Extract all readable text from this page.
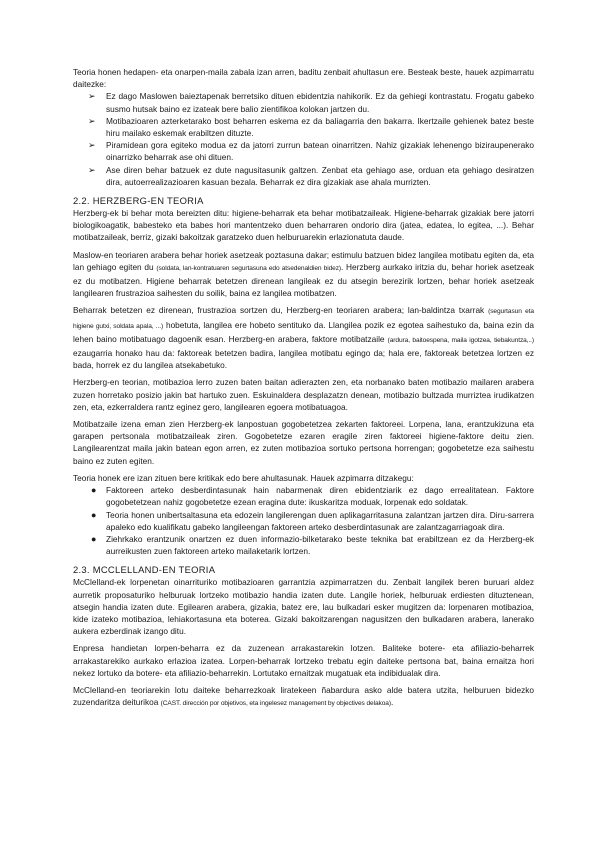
Teoria honen hedapen- eta onarpen-maila zabala izan arren, baditu zenbait ahultasun ere. Besteak beste, hauek azpimarratu daitezke:

➢	Ez dago Maslowen baieztapenak berretsiko dituen ebidentzia nahikorik. Ez da gehiegi kontrastatu. Frogatu gabeko susmo hutsak baino ez izateak bere balio zientifikoa kolokan jartzen du.
➢	Motibazioaren azterketarako bost beharren eskema ez da baliagarria den bakarra. Ikertzaile gehienek batez beste hiru mailako eskemak erabiltzen dituzte.
➢	Piramidean gora egiteko modua ez da jatorri zurrun batean oinarritzen. Nahiz gizakiak lehenengo biziraupenerako oinarrizko beharrak ase ohi dituen.
➢	Ase diren behar batzuek ez dute nagusitasunik galtzen. Zenbat eta gehiago ase, orduan eta gehiago desiratzen dira, autoerrealizazioaren kasuan bezala. Beharrak ez dira gizakiak ase ahala murrizten.
2.2. HERZBERG-EN TEORIA

Herzberg-ek bi behar mota bereizten ditu: higiene-beharrak eta behar motibatzaileak. Higiene-beharrak gizakiak bere jatorri biologikoagatik, babesteko eta babes hori mantentzeko duen beharraren ondorio dira (jatea, edatea, lo egitea, ...). Behar motibatzaileak, berriz, gizaki bakoitzak garatzeko duen helburuarekin erlazionatuta daude.

Maslow-en teoriaren arabera behar horiek asetzeak poztasuna dakar; estimulu batzuen bidez langilea motibatu egiten da, eta lan gehiago egiten du (soldata, lan-kontratuaren segurtasuna edo atsedenaldien bidez). Herzberg aurkako iritzia du, behar horiek asetzeak ez du motibatzen. Higiene beharrak betetzen direnean langileak ez du atsegin berezirik lortzen, behar horiek asetzeak langilearen frustrazioa saihesten du soilik, baina ez langilea motibatzen.

Beharrak betetzen ez direnean, frustrazioa sortzen du, Herzberg-en teoriaren arabera; lan-baldintza txarrak (segurtasun eta higiene gutxi, soldata apala, ...) hobetuta, langilea ere hobeto sentituko da. Llangilea pozik ez egotea saihestuko da, baina ezin da lehen baino motibatuago dagoenik esan. Herzberg-en arabera, faktore motibatzaile (ardura, baitoespena, maila igotzea, tiebakuntza,..) ezaugarria honako hau da: faktoreak betetzen badira, langilea motibatu egingo da; hala ere, faktoreak betetzea lortzen ez bada, horrek ez du langilea atsekabetuko.

Herzberg-en teorian, motibazioa lerro zuzen baten baitan adierazten zen, eta norbanako baten motibazio mailaren arabera zuzen horretako posizio jakin bat hartuko zuen. Eskuinaldera desplazatzn denean, motibazio bultzada murriztea irudikatzen zen, eta, ezkerraldera rantz eginez gero, langilearen egoera motibatuagoa.

Motibatzaile izena eman zien Herzberg-ek lanpostuan gogobetetzea zekarten faktoreei. Lorpena, lana, erantzukizuna eta garapen pertsonala motibatzaileak ziren. Gogobetetze ezaren eragile ziren faktoreei higiene-faktore deitu zien. Langilearentzat maila jakin batean egon arren, ez zuten motibazioa sortuko pertsona horrengan; gogobetetze eza saihestu baino ez zuten egiten.

Teoria honek ere izan zituen bere kritikak edo bere ahultasunak. Hauek azpimarra ditzakegu:

●	Faktoreen arteko desberdintasunak hain nabarmenak diren ebidentziarik ez dago errealitatean. Faktore gogobetetzean nahiz gogobetetze ezean eragina dute: ikuskaritza moduak, lorpenak edo soldatak.
●	Teoria honen unibertsaltasuna eta edozein langilerengan duen aplikagarritasuna zalantzan jartzen dira. Diru-sarrera apaleko edo kualifikatu gabeko langileengan faktoreen arteko desberdintasunak are zalantzagarriagoak dira.
●	Ziehrkako erantzunik onartzen ez duen informazio-bilketarako beste teknika bat erabiltzean ez da Herzberg-ek aurreikusten zuen faktoreen arteko mailaketarik lortzen.
2.3. MCCLELLAND-EN TEORIA

McClelland-ek lorpenetan oinarrituriko motibazioaren garrantzia azpimarratzen du. Zenbait langilek beren buruari aldez aurretik proposaturiko helburuak lortzeko motibazio handia izaten dute. Langile horiek, helburuak erdiesten dituztenean, atsegin handia izaten dute. Egilearen arabera, gizakia, batez ere, lau bulkadari esker mugitzen da: lorpenaren motibazioa, kide izateko motibazioa, lehiakortasuna eta boterea. Gizaki bakoitzarengan nagusitzen den bulkadaren arabera, lanerako aukera ezberdinak izango ditu.

Enpresa handietan lorpen-beharra ez da zuzenean arrakastarekin lotzen. Baliteke botere- eta afiliazio-beharrek arrakastarekiko aurkako erlazioa izatea. Lorpen-beharrak lortzeko trebatu egin daiteke pertsona bat, baina ernaitza hori nekez lortuko da botere- eta afiliazio-beharrekin. Lortutako ernaitzak mugatuak eta indibidualak dira.

McClelland-en teoriarekin lotu daiteke beharrezkoak liratekeen ñabardura asko alde batera utzita, helburuen bidezko zuzendaritza deiturikoa (CAST. dirección por objetivos, eta ingelesez management by objectives delakoa).
